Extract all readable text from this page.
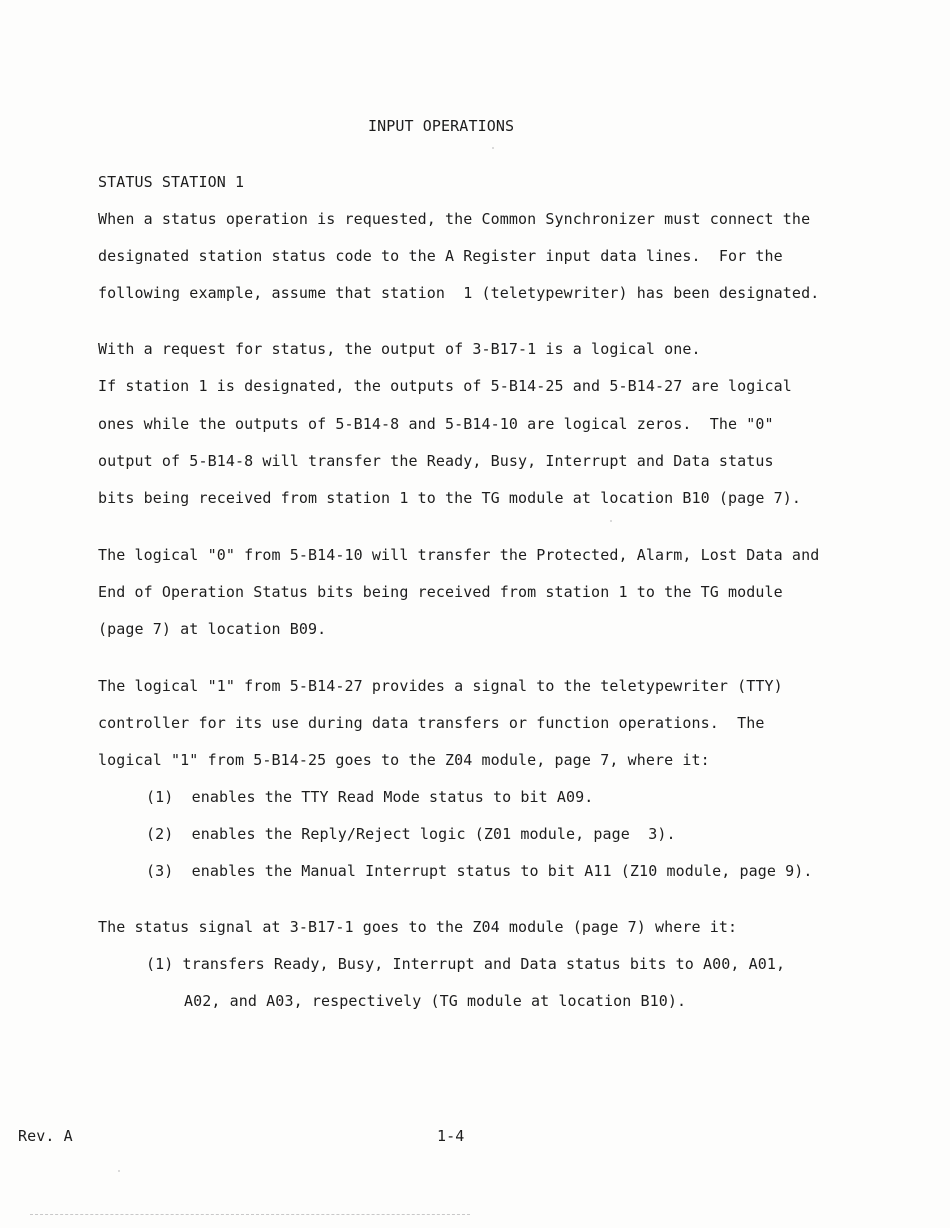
INPUT OPERATIONS
STATUS STATION 1
When a status operation is requested, the Common Synchronizer must connect the
designated station status code to the A Register input data lines.  For the
following example, assume that station  1 (teletypewriter) has been designated.
With a request for status, the output of 3-B17-1 is a logical one.
If station 1 is designated, the outputs of 5-B14-25 and 5-B14-27 are logical
ones while the outputs of 5-B14-8 and 5-B14-10 are logical zeros.  The "0"
output of 5-B14-8 will transfer the Ready, Busy, Interrupt and Data status
bits being received from station 1 to the TG module at location B10 (page 7).
The logical "0" from 5-B14-10 will transfer the Protected, Alarm, Lost Data and
End of Operation Status bits being received from station 1 to the TG module
(page 7) at location B09.
The logical "1" from 5-B14-27 provides a signal to the teletypewriter (TTY)
controller for its use during data transfers or function operations.  The
logical "1" from 5-B14-25 goes to the Z04 module, page 7, where it:
(1)  enables the TTY Read Mode status to bit A09.
(2)  enables the Reply/Reject logic (Z01 module, page  3).
(3)  enables the Manual Interrupt status to bit A11 (Z10 module, page 9).
The status signal at 3-B17-1 goes to the Z04 module (page 7) where it:
(1) transfers Ready, Busy, Interrupt and Data status bits to A00, A01,
A02, and A03, respectively (TG module at location B10).
Rev. A	1-4
